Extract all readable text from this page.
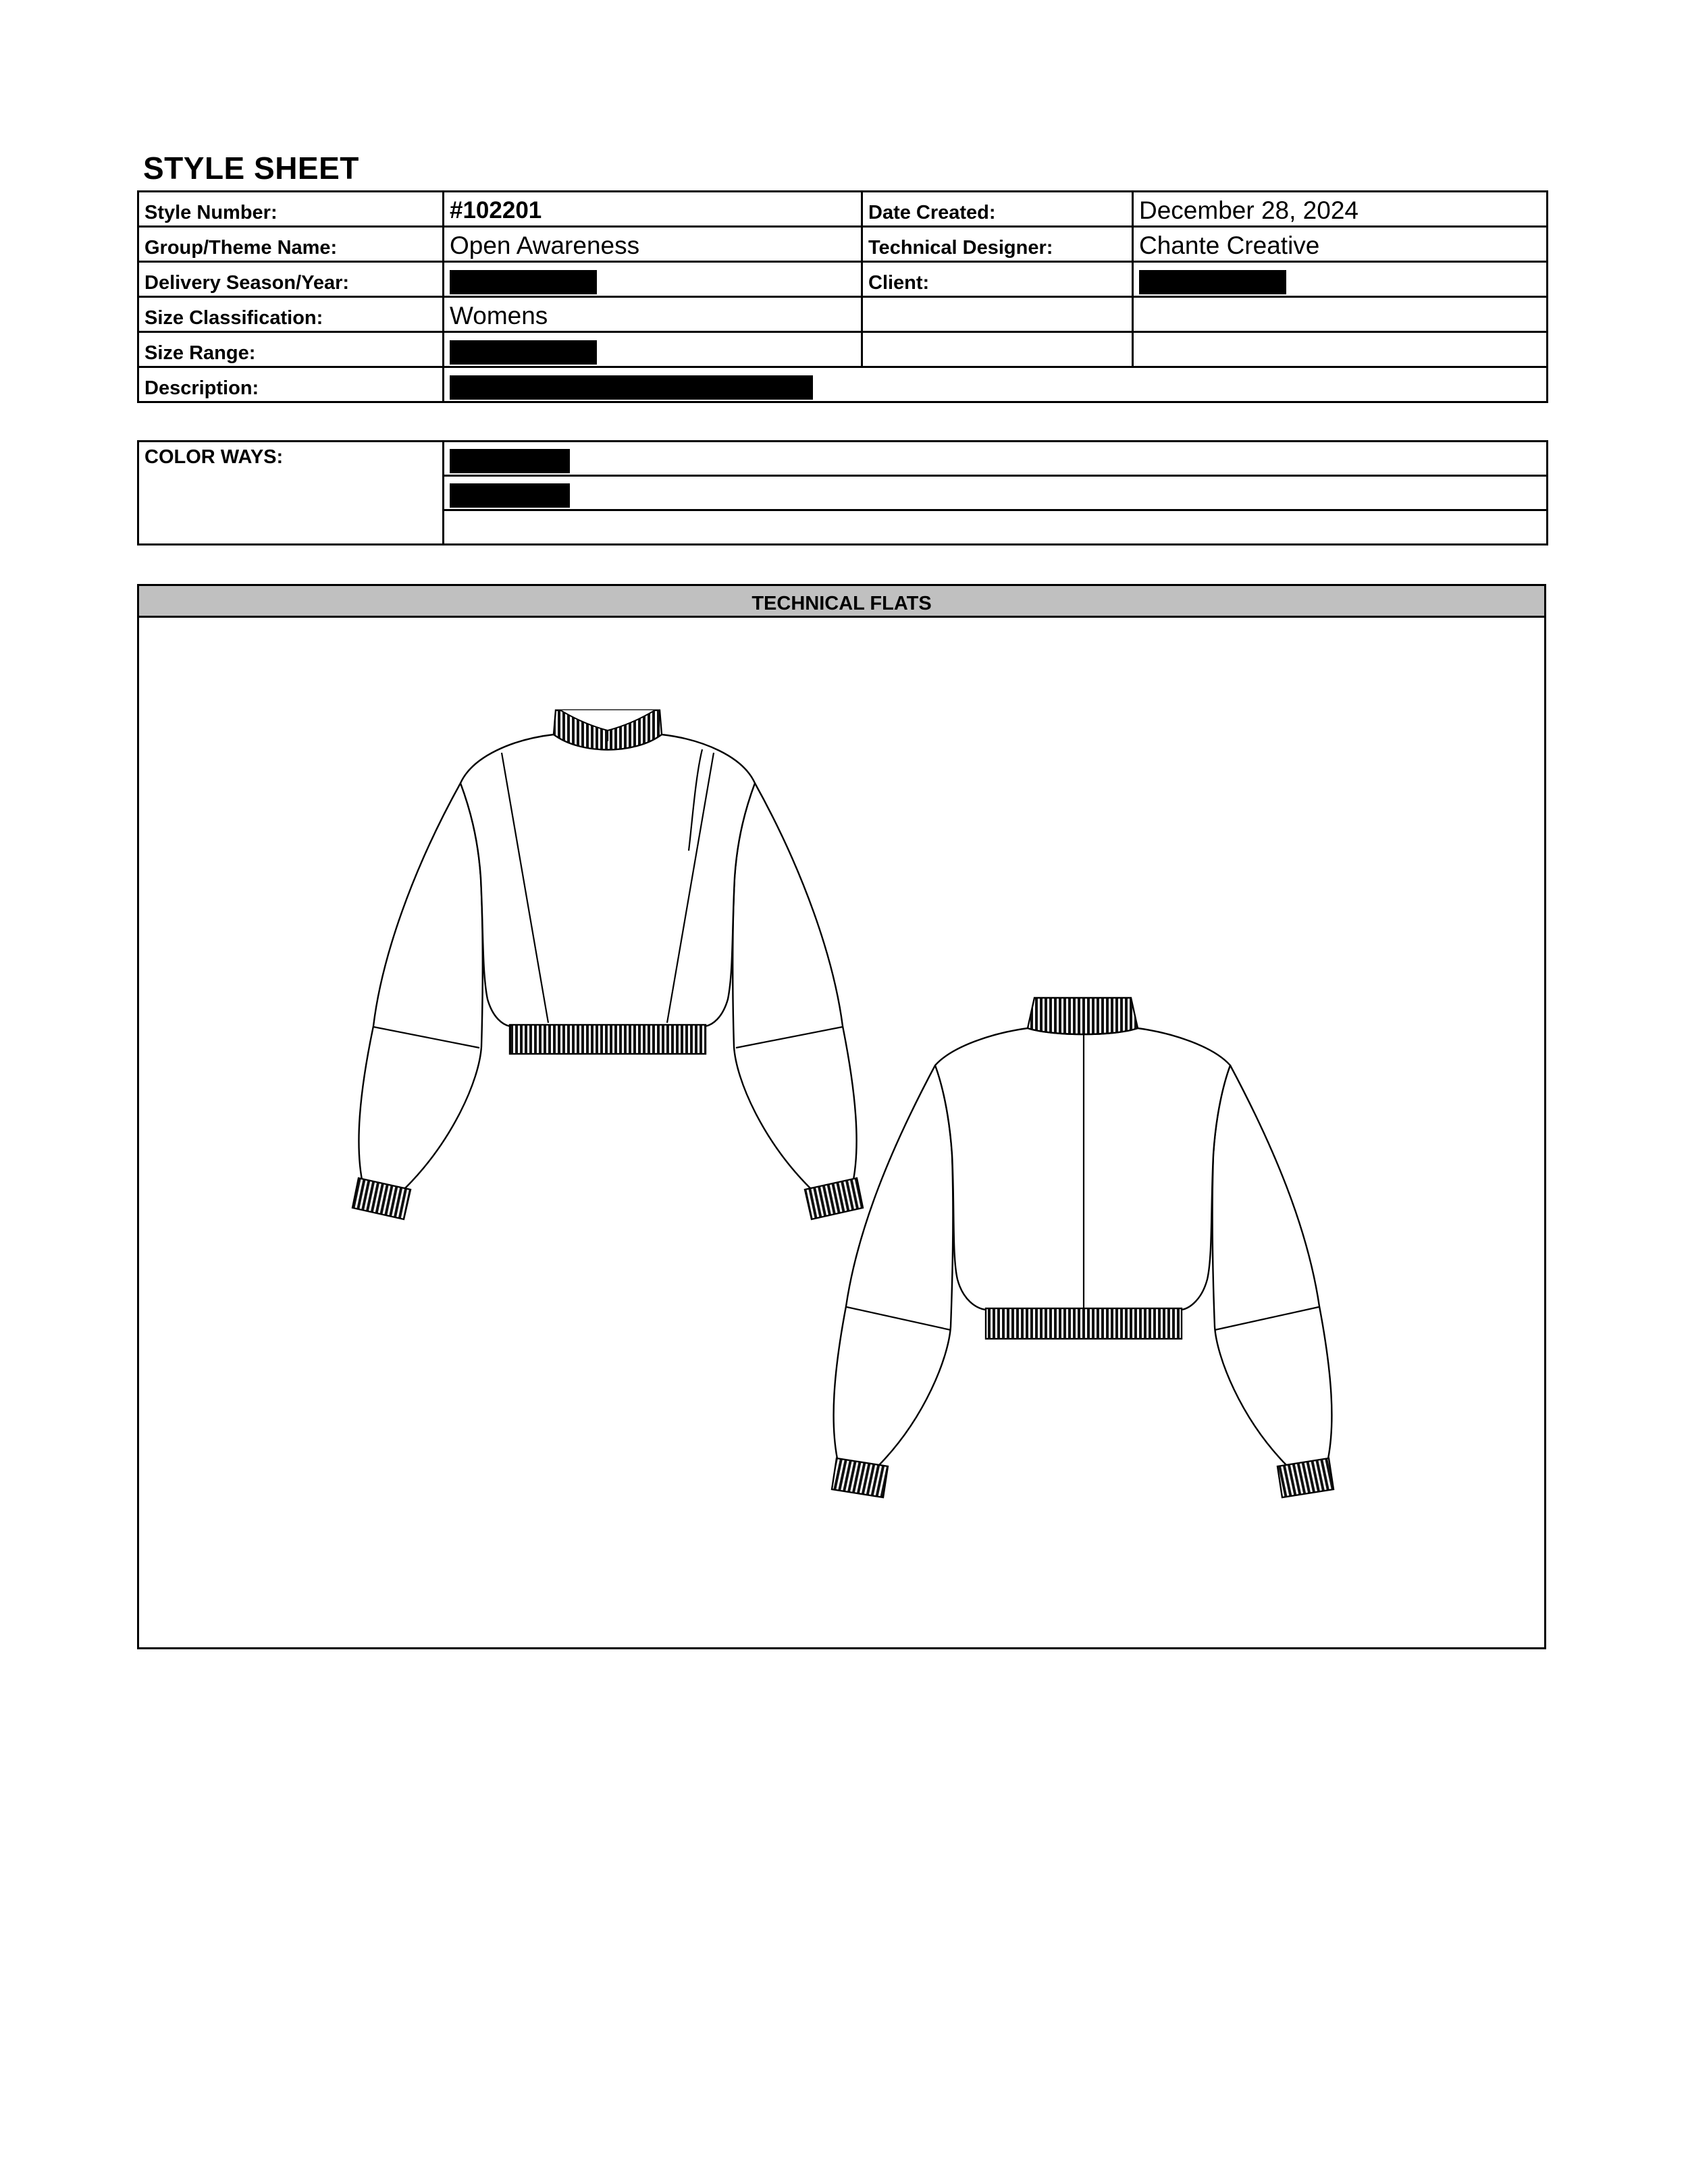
STYLE SHEET
Style Number:	#102201	Date Created:	December 28, 2024
Group/Theme Name:	Open Awareness	Technical Designer:	Chante Creative
Delivery Season/Year:		Client:	
Size Classification:	Womens		
Size Range:			
Description:			
COLOR WAYS:	

TECHNICAL FLATS
